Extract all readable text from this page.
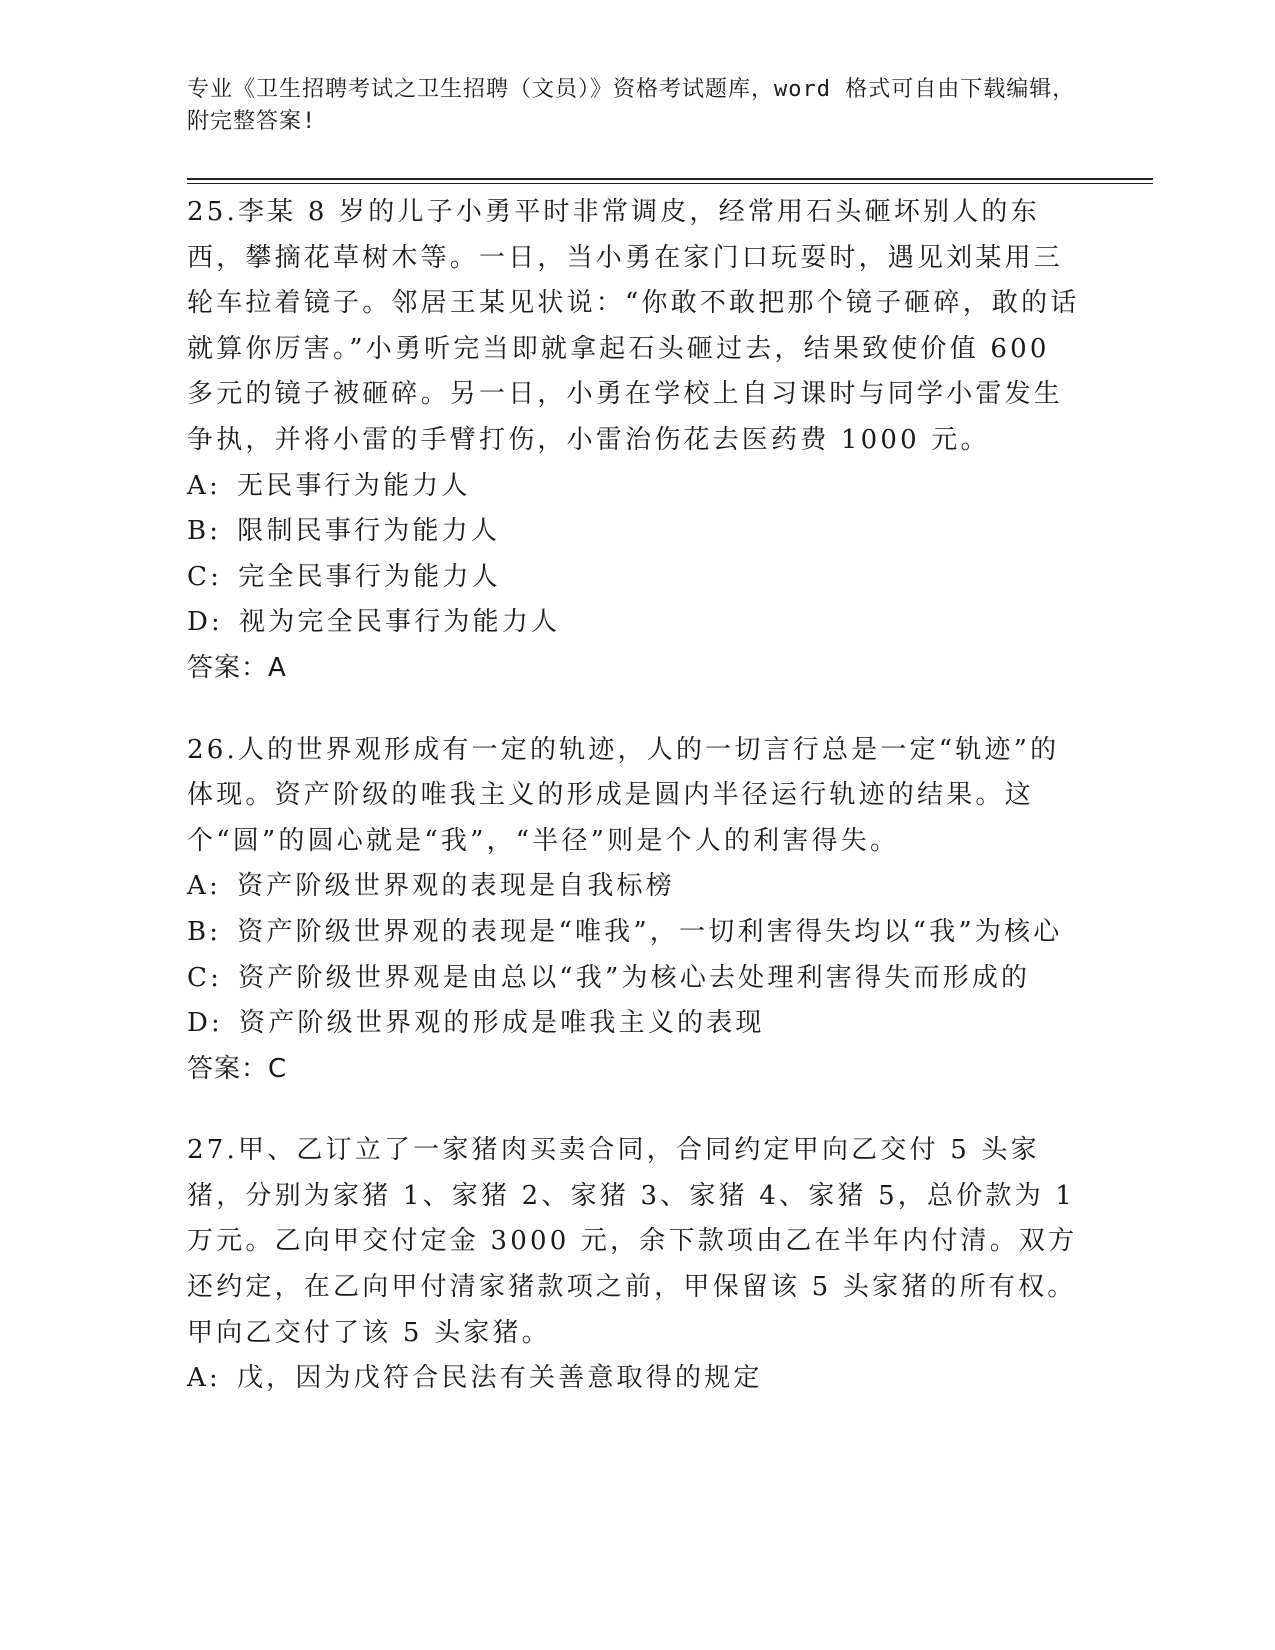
专业《卫生招聘考试之卫生招聘（文员）》资格考试题库，word 格式可自由下载编辑，附完整答案!

25.李某 8 岁的儿子小勇平时非常调皮，经常用石头砸坏别人的东西，攀摘花草树木等。一日，当小勇在家门口玩耍时，遇见刘某用三轮车拉着镜子。邻居王某见状说：“你敢不敢把那个镜子砸碎，敢的话就算你厉害。”小勇听完当即就拿起石头砸过去，结果致使价值 600 多元的镜子被砸碎。另一日，小勇在学校上自习课时与同学小雷发生争执，并将小雷的手臂打伤，小雷治伤花去医药费 1000 元。

A: 无民事行为能力人

B: 限制民事行为能力人

C: 完全民事行为能力人

D: 视为完全民事行为能力人

答案：A

26.人的世界观形成有一定的轨迹，人的一切言行总是一定“轨迹”的体现。资产阶级的唯我主义的形成是圆内半径运行轨迹的结果。这个“圆”的圆心就是“我”，“半径”则是个人的利害得失。

A: 资产阶级世界观的表现是自我标榜

B: 资产阶级世界观的表现是“唯我”，一切利害得失均以“我”为核心

C: 资产阶级世界观是由总以“我”为核心去处理利害得失而形成的

D: 资产阶级世界观的形成是唯我主义的表现

答案：C

27.甲、乙订立了一家猪肉买卖合同，合同约定甲向乙交付 5 头家猪，分别为家猪 1、家猪 2、家猪 3、家猪 4、家猪 5，总价款为 1 万元。乙向甲交付定金 3000 元，余下款项由乙在半年内付清。双方还约定，在乙向甲付清家猪款项之前，甲保留该 5 头家猪的所有权。甲向乙交付了该 5 头家猪。

A: 戊，因为戊符合民法有关善意取得的规定
